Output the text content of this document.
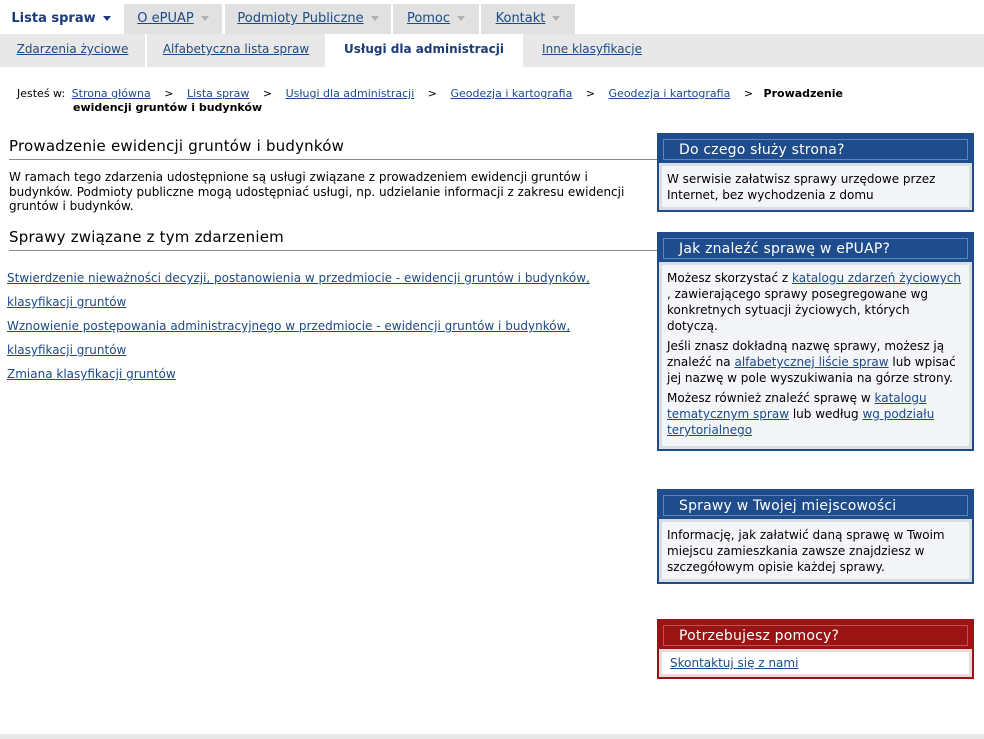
Lista spraw	O ePUAP	Podmioty Publiczne	Pomoc	Kontakt
Zdarzenia życiowe	Alfabetyczna lista spraw	Usługi dla administracji	Inne klasyfikacje
Jesteś w: Strona główna > Lista spraw > Usługi dla administracji > Geodezja i kartografia > Geodezja i kartografia > Prowadzenie
ewidencji gruntów i budynków
Prowadzenie ewidencji gruntów i budynków
W ramach tego zdarzenia udostępnione są usługi związane z prowadzeniem ewidencji gruntów i budynków. Podmioty publiczne mogą udostępniać usługi, np. udzielanie informacji z zakresu ewidencji gruntów i budynków.
Sprawy związane z tym zdarzeniem
Stwierdzenie nieważności decyzji, postanowienia w przedmiocie - ewidencji gruntów i budynków,
klasyfikacji gruntów
Wznowienie postępowania administracyjnego w przedmiocie - ewidencji gruntów i budynków,
klasyfikacji gruntów
Zmiana klasyfikacji gruntów
Do czego służy strona?
W serwisie załatwisz sprawy urzędowe przez Internet, bez wychodzenia z domu
Jak znaleźć sprawę w ePUAP?

Możesz skorzystać z katalogu zdarzeń życiowych , zawierającego sprawy posegregowane wg konkretnych sytuacji życiowych, których dotyczą.

Jeśli znasz dokładną nazwę sprawy, możesz ją znaleźć na alfabetycznej liście spraw lub wpisać jej nazwę w pole wyszukiwania na górze strony.

Możesz również znaleźć sprawę w katalogu tematycznym spraw lub według wg podziału terytorialnego

Sprawy w Twojej miejscowości
Informację, jak załatwić daną sprawę w Twoim miejscu zamieszkania zawsze znajdziesz w szczegółowym opisie każdej sprawy.
Potrzebujesz pomocy?
Skontaktuj się z nami
